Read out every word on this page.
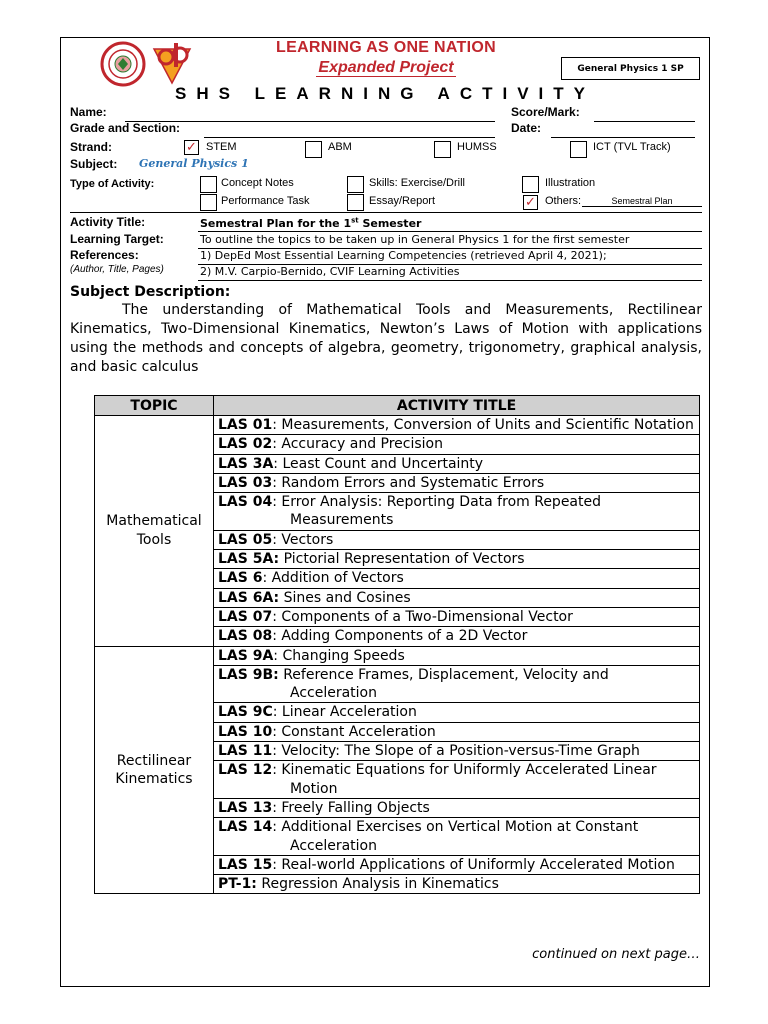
LEARNING AS ONE NATION
Expanded Project	General Physics 1 SP
SHS LEARNING ACTIVITY
Name:	Score/Mark:
Grade and Section:	Date:
Strand:	✓ STEM	ABM	HUMSS	ICT (TVL Track)
Subject: General Physics 1
Type of Activity:	Concept Notes	Skills: Exercise/Drill	Illustration
Performance Task	Essay/Report	✓ Others:	Semestral Plan
Activity Title:	Semestral Plan for the 1st Semester
Learning Target:	To outline the topics to be taken up in General Physics 1 for the first semester
References:
(Author, Title, Pages)
1) DepEd Most Essential Learning Competencies (retrieved April 4, 2021);
2) M.V. Carpio-Bernido, CVIF Learning Activities
Subject Description:
The understanding of Mathematical Tools and Measurements, Rectilinear Kinematics, Two-Dimensional Kinematics, Newton’s Laws of Motion with applications using the methods and concepts of algebra, geometry, trigonometry, graphical analysis, and basic calculus
TOPIC	ACTIVITY TITLE
Mathematical Tools	LAS 01: Measurements, Conversion of Units and Scientific Notation

	LAS 02: Accuracy and Precision

	LAS 3A: Least Count and Uncertainty

	LAS 03: Random Errors and Systematic Errors

	LAS 04: Error Analysis: Reporting Data from Repeated Measurements

	LAS 05: Vectors

	LAS 5A: Pictorial Representation of Vectors

	LAS 6: Addition of Vectors

	LAS 6A: Sines and Cosines

	LAS 07: Components of a Two-Dimensional Vector

	LAS 08: Adding Components of a 2D Vector

Rectilinear Kinematics	LAS 9A: Changing Speeds

	LAS 9B: Reference Frames, Displacement, Velocity and Acceleration

	LAS 9C: Linear Acceleration

	LAS 10: Constant Acceleration

	LAS 11: Velocity: The Slope of a Position-versus-Time Graph

	LAS 12: Kinematic Equations for Uniformly Accelerated Linear Motion

	LAS 13: Freely Falling Objects

	LAS 14: Additional Exercises on Vertical Motion at Constant Acceleration

	LAS 15: Real-world Applications of Uniformly Accelerated Motion

	PT-1: Regression Analysis in Kinematics
continued on next page…
